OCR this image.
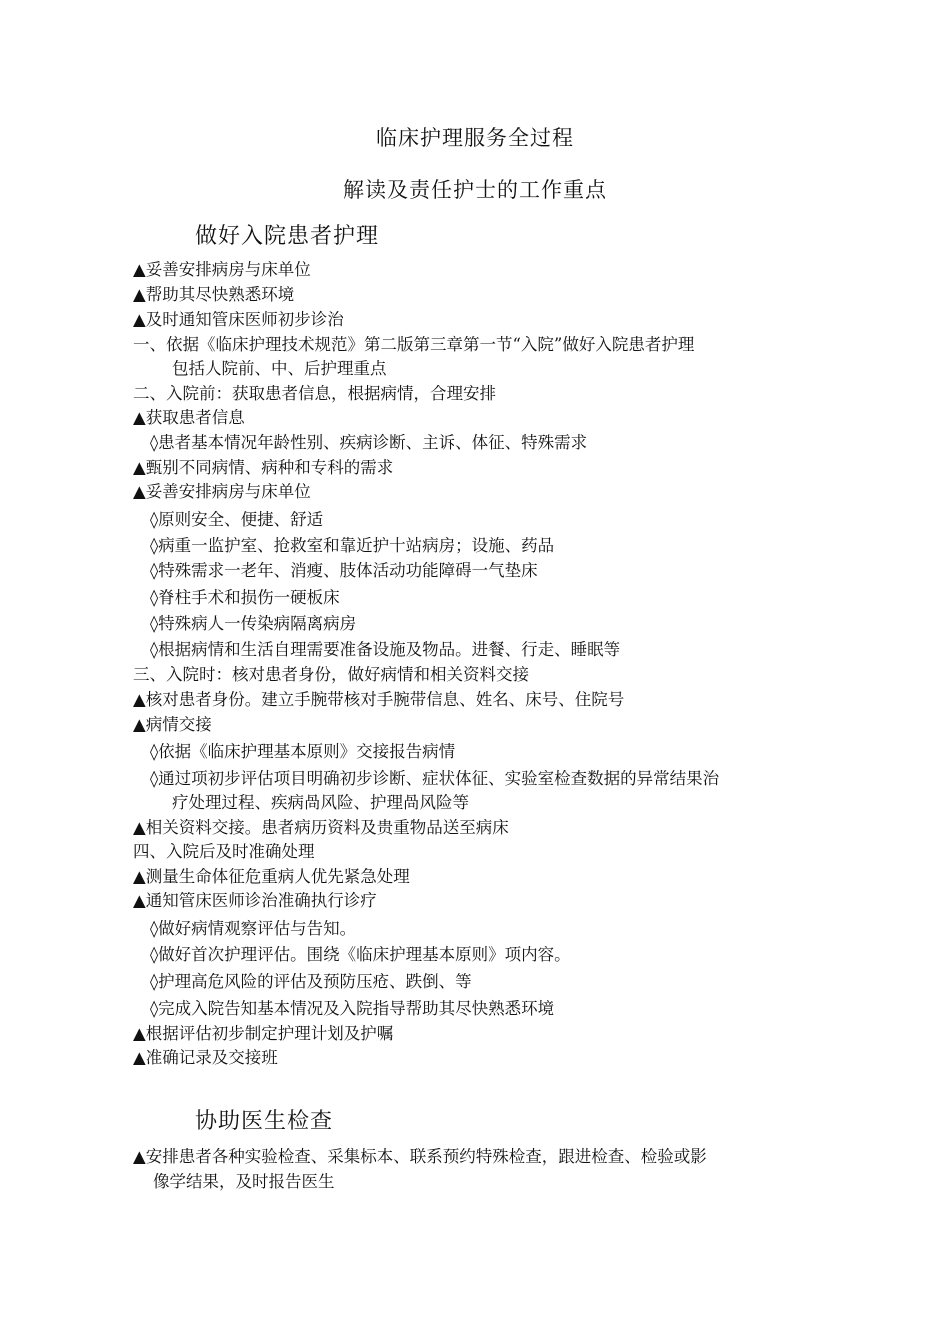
临床护理服务全过程
解读及责任护士的工作重点
做好入院患者护理
▲妥善安排病房与床单位
▲帮助其尽快熟悉环境
▲及时通知管床医师初步诊治
一、依据《临床护理技术规范》第二版第三章第一节“入院”做好入院患者护理
包括人院前、中、后护理重点
二、入院前：获取患者信息，根据病情，合理安排
▲获取患者信息
◊患者基本情况年龄性别、疾病诊断、主诉、体征、特殊需求
▲甄别不同病情、病种和专科的需求
▲妥善安排病房与床单位
◊原则安全、便捷、舒适
◊病重一监护室、抢救室和靠近护十站病房；设施、药品
◊特殊需求一老年、消瘦、肢体活动功能障碍一气垫床
◊脊柱手术和损伤一硬板床
◊特殊病人一传染病隔离病房
◊根据病情和生活自理需要准备设施及物品。进餐、行走、睡眠等
三、入院时：核对患者身份，做好病情和相关资料交接
▲核对患者身份。建立手腕带核对手腕带信息、姓名、床号、住院号
▲病情交接
◊依据《临床护理基本原则》交接报告病情
◊通过项初步评估项目明确初步诊断、症状体征、实验室检查数据的异常结果治
疗处理过程、疾病咼风险、护理咼风险等
▲相关资料交接。患者病历资料及贵重物品送至病床
四、入院后及时准确处理
▲测量生命体征危重病人优先紧急处理
▲通知管床医师诊治准确执行诊疗
◊做好病情观察评估与告知。
◊做好首次护理评估。围绕《临床护理基本原则》项内容。
◊护理高危风险的评估及预防压疮、跌倒、等
◊完成入院告知基本情况及入院指导帮助其尽快熟悉环境
▲根据评估初步制定护理计划及护嘱
▲准确记录及交接班
协助医生检查
▲安排患者各种实验检查、采集标本、联系预约特殊检查，跟进检查、检验或影
像学结果，及时报告医生
